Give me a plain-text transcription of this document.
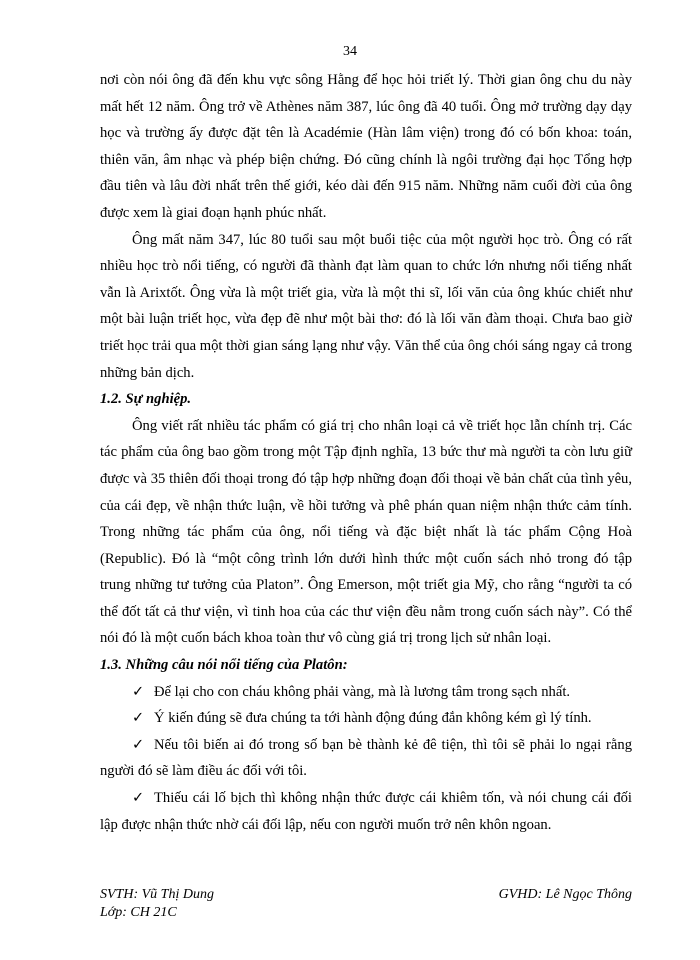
34

nơi còn nói ông đã đến khu vực sông Hằng để học hỏi triết lý. Thời gian ông chu du này mất hết 12 năm. Ông trở về Athènes năm 387, lúc ông đã 40 tuổi. Ông mở trường dạy dạy học và trường ấy được đặt tên là Académie (Hàn lâm viện) trong đó có bốn khoa: toán, thiên văn, âm nhạc và phép biện chứng. Đó cũng chính là ngôi trường đại học Tổng hợp đầu tiên và lâu đời nhất trên thế giới, kéo dài đến 915 năm. Những năm cuối đời của ông được xem là giai đoạn hạnh phúc nhất.

Ông mất năm 347, lúc 80 tuổi sau một buổi tiệc của một người học trò. Ông có rất nhiều học trò nổi tiếng, có người đã thành đạt làm quan to chức lớn nhưng nổi tiếng nhất vẫn là Arixtốt. Ông vừa là một triết gia, vừa là một thi sĩ, lối văn của ông khúc chiết như một bài luận triết học, vừa đẹp đẽ như một bài thơ: đó là lối văn đàm thoại. Chưa bao giờ triết học trải qua một thời gian sáng lạng như vậy. Văn thể của ông chói sáng ngay cả trong những bản dịch.

1.2. Sự nghiệp.

Ông viết rất nhiều tác phẩm có giá trị cho nhân loại cả về triết học lẫn chính trị. Các tác phẩm của ông bao gồm trong một Tập định nghĩa, 13 bức thư mà người ta còn lưu giữ được và 35 thiên đối thoại trong đó tập hợp những đoạn đối thoại về bản chất của tình yêu, của cái đẹp, về nhận thức luận, về hồi tưởng và phê phán quan niệm nhận thức cảm tính. Trong những tác phẩm của ông, nổi tiếng và đặc biệt nhất là tác phẩm Cộng Hoà (Republic). Đó là “một công trình lớn dưới hình thức một cuốn sách nhỏ trong đó tập trung những tư tưởng của Platon”. Ông Emerson, một triết gia Mỹ, cho rằng “người ta có thể đốt tất cả thư viện, vì tinh hoa của các thư viện đều nằm trong cuốn sách này”. Có thể nói đó là một cuốn bách khoa toàn thư vô cùng giá trị trong lịch sử nhân loại.

1.3. Những câu nói nổi tiếng của Platôn:

✓ Để lại cho con cháu không phải vàng, mà là lương tâm trong sạch nhất.

✓ Ý kiến đúng sẽ đưa chúng ta tới hành động đúng đắn không kém gì lý tính.

✓ Nếu tôi biến ai đó trong số bạn bè thành kẻ đê tiện, thì tôi sẽ phải lo ngại rằng người đó sẽ làm điều ác đối với tôi.

✓ Thiếu cái lố bịch thì không nhận thức được cái khiêm tốn, và nói chung cái đối lập được nhận thức nhờ cái đối lập, nếu con người muốn trở nên khôn ngoan.

SVTH: Vũ Thị Dung	GVHD: Lê Ngọc Thông
Lớp: CH 21C
